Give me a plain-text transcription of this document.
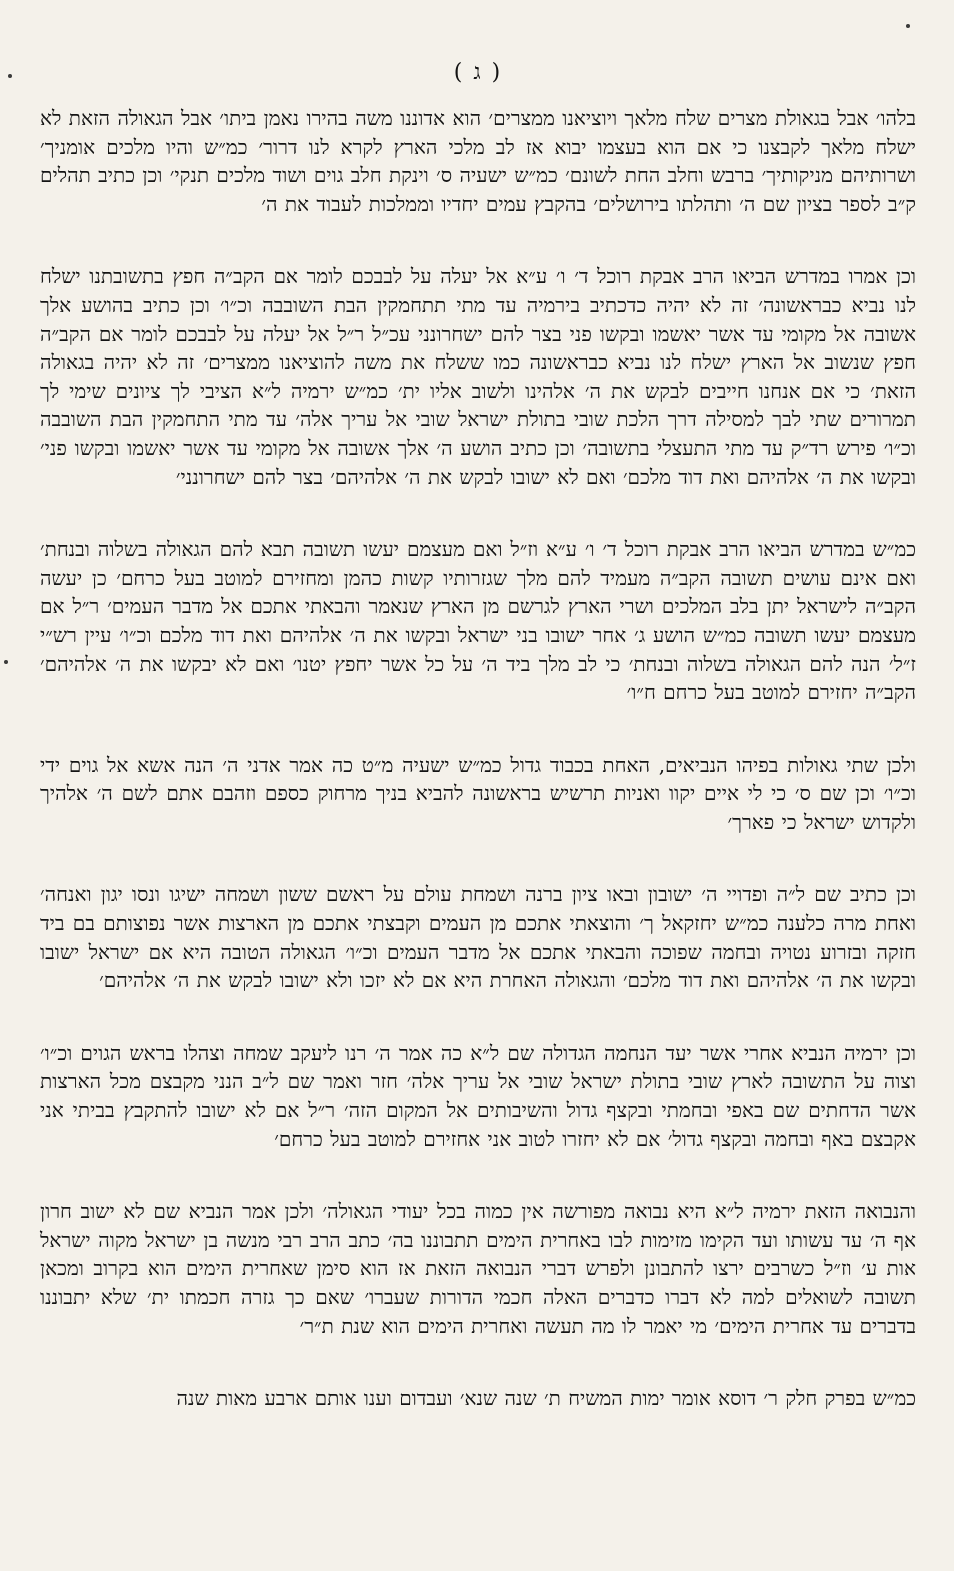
( ג )

בלהו׳ אבל בגאולת מצרים שלח מלאך ויוציאנו ממצרים׳ הוא אדוננו משה בהירו נאמן ביתו׳ אבל הגאולה הזאת לא ישלח מלאך לקבצנו כי אם הוא בעצמו יבוא אז לב מלכי הארץ לקרא לנו דרור׳ כמ״ש והיו מלכים אומניך׳ ושרותיהם מניקותיך׳ ברבש וחלב החת לשונם׳ כמ״ש ישעיה ס׳ וינקת חלב גוים ושוד מלכים תנקי׳ וכן כתיב תהלים ק״ב לספר בציון שם ה׳ ותהלתו בירושלים׳ בהקבץ עמים יחדיו וממלכות לעבוד את ה׳

וכן אמרו במדרש הביאו הרב אבקת רוכל ד׳ ו׳ ע״א אל יעלה על לבבכם לומר אם הקב״ה חפץ בתשובתנו ישלח לנו נביא כבראשונה׳ זה לא יהיה כדכתיב בירמיה עד מתי תתחמקין הבת השובבה וכ״ו׳ וכן כתיב בהושע אלך אשובה אל מקומי עד אשר יאשמו ובקשו פני בצר להם ישחרונני עכ״ל ר״ל אל יעלה על לבבכם לומר אם הקב״ה חפץ שנשוב אל הארץ ישלח לנו נביא כבראשונה כמו ששלח את משה להוציאנו ממצרים׳ זה לא יהיה בגאולה הזאת׳ כי אם אנחנו חייבים לבקש את ה׳ אלהינו ולשוב אליו ית׳ כמ״ש ירמיה ל״א הציבי לך ציונים שימי לך תמרורים שתי לבך למסילה דרך הלכת שובי בתולת ישראל שובי אל עריך אלה׳ עד מתי התחמקין הבת השובבה וכ״ו׳ פירש רד״ק עד מתי התעצלי בתשובה׳ וכן כתיב הושע ה׳ אלך אשובה אל מקומי עד אשר יאשמו ובקשו פני׳ ובקשו את ה׳ אלהיהם ואת דוד מלכם׳ ואם לא ישובו לבקש את ה׳ אלהיהם׳ בצר להם ישחרונני׳

כמ״ש במדרש הביאו הרב אבקת רוכל ד׳ ו׳ ע״א וז״ל ואם מעצמם יעשו תשובה תבא להם הגאולה בשלוה ובנחת׳ ואם אינם עושים תשובה הקב״ה מעמיד להם מלך שגזרותיו קשות כהמן ומחזירם למוטב בעל כרחם׳ כן יעשה הקב״ה לישראל יתן בלב המלכים ושרי הארץ לגרשם מן הארץ שנאמר והבאתי אתכם אל מדבר העמים׳ ר״ל אם מעצמם יעשו תשובה כמ״ש הושע ג׳ אחר ישובו בני ישראל ובקשו את ה׳ אלהיהם ואת דוד מלכם וכ״ו׳ עיין רש״י ז״ל׳ הנה להם הגאולה בשלוה ובנחת׳ כי לב מלך ביד ה׳ על כל אשר יחפץ יטנו׳ ואם לא יבקשו את ה׳ אלהיהם׳ הקב״ה יחזירם למוטב בעל כרחם ח״ו׳

ולכן שתי גאולות בפיהו הנביאים, האחת בכבוד גדול כמ״ש ישעיה מ״ט כה אמר אדני ה׳ הנה אשא אל גוים ידי וכ״ו׳ וכן שם ס׳ כי לי איים יקוו ואניות תרשיש בראשונה להביא בניך מרחוק כספם וזהבם אתם לשם ה׳ אלהיך ולקדוש ישראל כי פארך׳

וכן כתיב שם ל״ה ופדויי ה׳ ישובון ובאו ציון ברנה ושמחת עולם על ראשם ששון ושמחה ישיגו ונסו יגון ואנחה׳ ואחת מרה כלענה כמ״ש יחזקאל ך׳ והוצאתי אתכם מן העמים וקבצתי אתכם מן הארצות אשר נפוצותם בם ביד חזקה ובזרוע נטויה ובחמה שפוכה והבאתי אתכם אל מדבר העמים וכ״ו׳ הגאולה הטובה היא אם ישראל ישובו ובקשו את ה׳ אלהיהם ואת דוד מלכם׳ והגאולה האחרת היא אם לא יזכו ולא ישובו לבקש את ה׳ אלהיהם׳

וכן ירמיה הנביא אחרי אשר יעד הנחמה הגדולה שם ל״א כה אמר ה׳ רנו ליעקב שמחה וצהלו בראש הגוים וכ״ו׳ וצוה על התשובה לארץ שובי בתולת ישראל שובי אל עריך אלה׳ חזר ואמר שם ל״ב הנני מקבצם מכל הארצות אשר הדחתים שם באפי ובחמתי ובקצף גדול והשיבותים אל המקום הזה׳ ר״ל אם לא ישובו להתקבץ בביתי אני אקבצם באף ובחמה ובקצף גדול׳ אם לא יחזרו לטוב אני אחזירם למוטב בעל כרחם׳

והנבואה הזאת ירמיה ל״א היא נבואה מפורשה אין כמוה בכל יעודי הגאולה׳ ולכן אמר הנביא שם לא ישוב חרון אף ה׳ עד עשותו ועד הקימו מזימות לבו באחרית הימים תתבוננו בה׳ כתב הרב רבי מנשה בן ישראל מקוה ישראל אות ע׳ וז״ל כשרבים ירצו להתבונן ולפרש דברי הנבואה הזאת אז הוא סימן שאחרית הימים הוא בקרוב ומכאן תשובה לשואלים למה לא דברו כדברים האלה חכמי הדורות שעברו׳ שאם כך גזרה חכמתו ית׳ שלא יתבוננו בדברים עד אחרית הימים׳ מי יאמר לו מה תעשה ואחרית הימים הוא שנת ת״ר׳

כמ״ש בפרק חלק ר׳ דוסא אומר ימות המשיח ת׳ שנה שנא׳ ועבדום וענו אותם ארבע מאות שנה
